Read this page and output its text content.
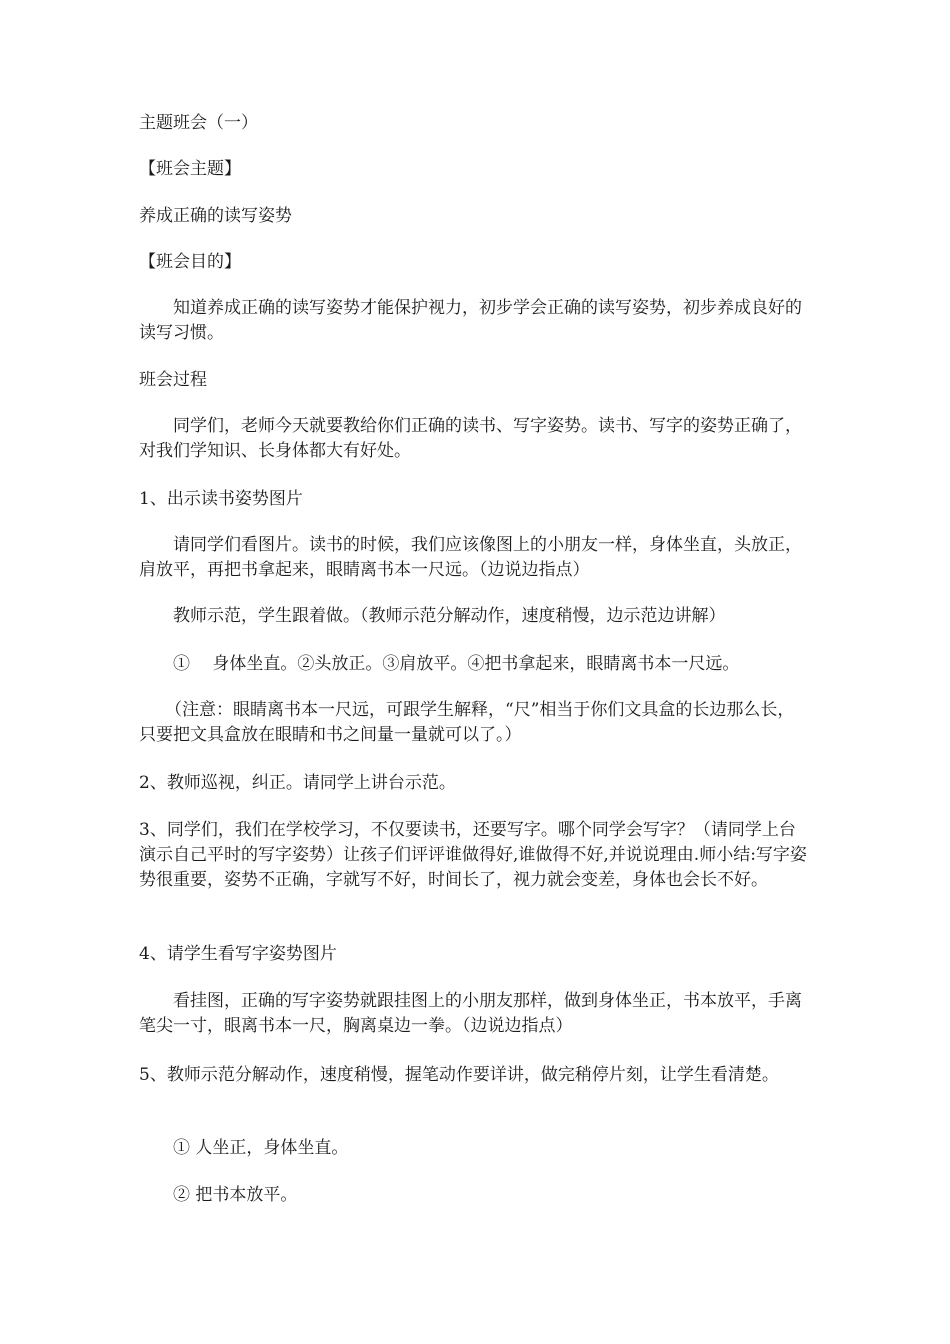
主题班会（一）

【班会主题】

养成正确的读写姿势

【班会目的】

知道养成正确的读写姿势才能保护视力，初步学会正确的读写姿势，初步养成良好的读写习惯。

班会过程

同学们，老师今天就要教给你们正确的读书、写字姿势。读书、写字的姿势正确了，对我们学知识、长身体都大有好处。

1、出示读书姿势图片

请同学们看图片。读书的时候，我们应该像图上的小朋友一样，身体坐直，头放正，肩放平，再把书拿起来，眼睛离书本一尺远。（边说边指点）

教师示范，学生跟着做。（教师示范分解动作，速度稍慢，边示范边讲解）

①　 身体坐直。②头放正。③肩放平。④把书拿起来，眼睛离书本一尺远。

（注意：眼睛离书本一尺远，可跟学生解释，“尺”相当于你们文具盒的长边那么长，只要把文具盒放在眼睛和书之间量一量就可以了。）

2、教师巡视，纠正。请同学上讲台示范。

3、同学们，我们在学校学习，不仅要读书，还要写字。哪个同学会写字？（请同学上台演示自己平时的写字姿势）让孩子们评评谁做得好,谁做得不好,并说说理由.师小结:写字姿势很重要，姿势不正确，字就写不好，时间长了，视力就会变差，身体也会长不好。

4、请学生看写字姿势图片

看挂图，正确的写字姿势就跟挂图上的小朋友那样，做到身体坐正，书本放平，手离笔尖一寸，眼离书本一尺，胸离桌边一拳。（边说边指点）

5、教师示范分解动作，速度稍慢，握笔动作要详讲，做完稍停片刻，让学生看清楚。

① 人坐正，身体坐直。

② 把书本放平。
